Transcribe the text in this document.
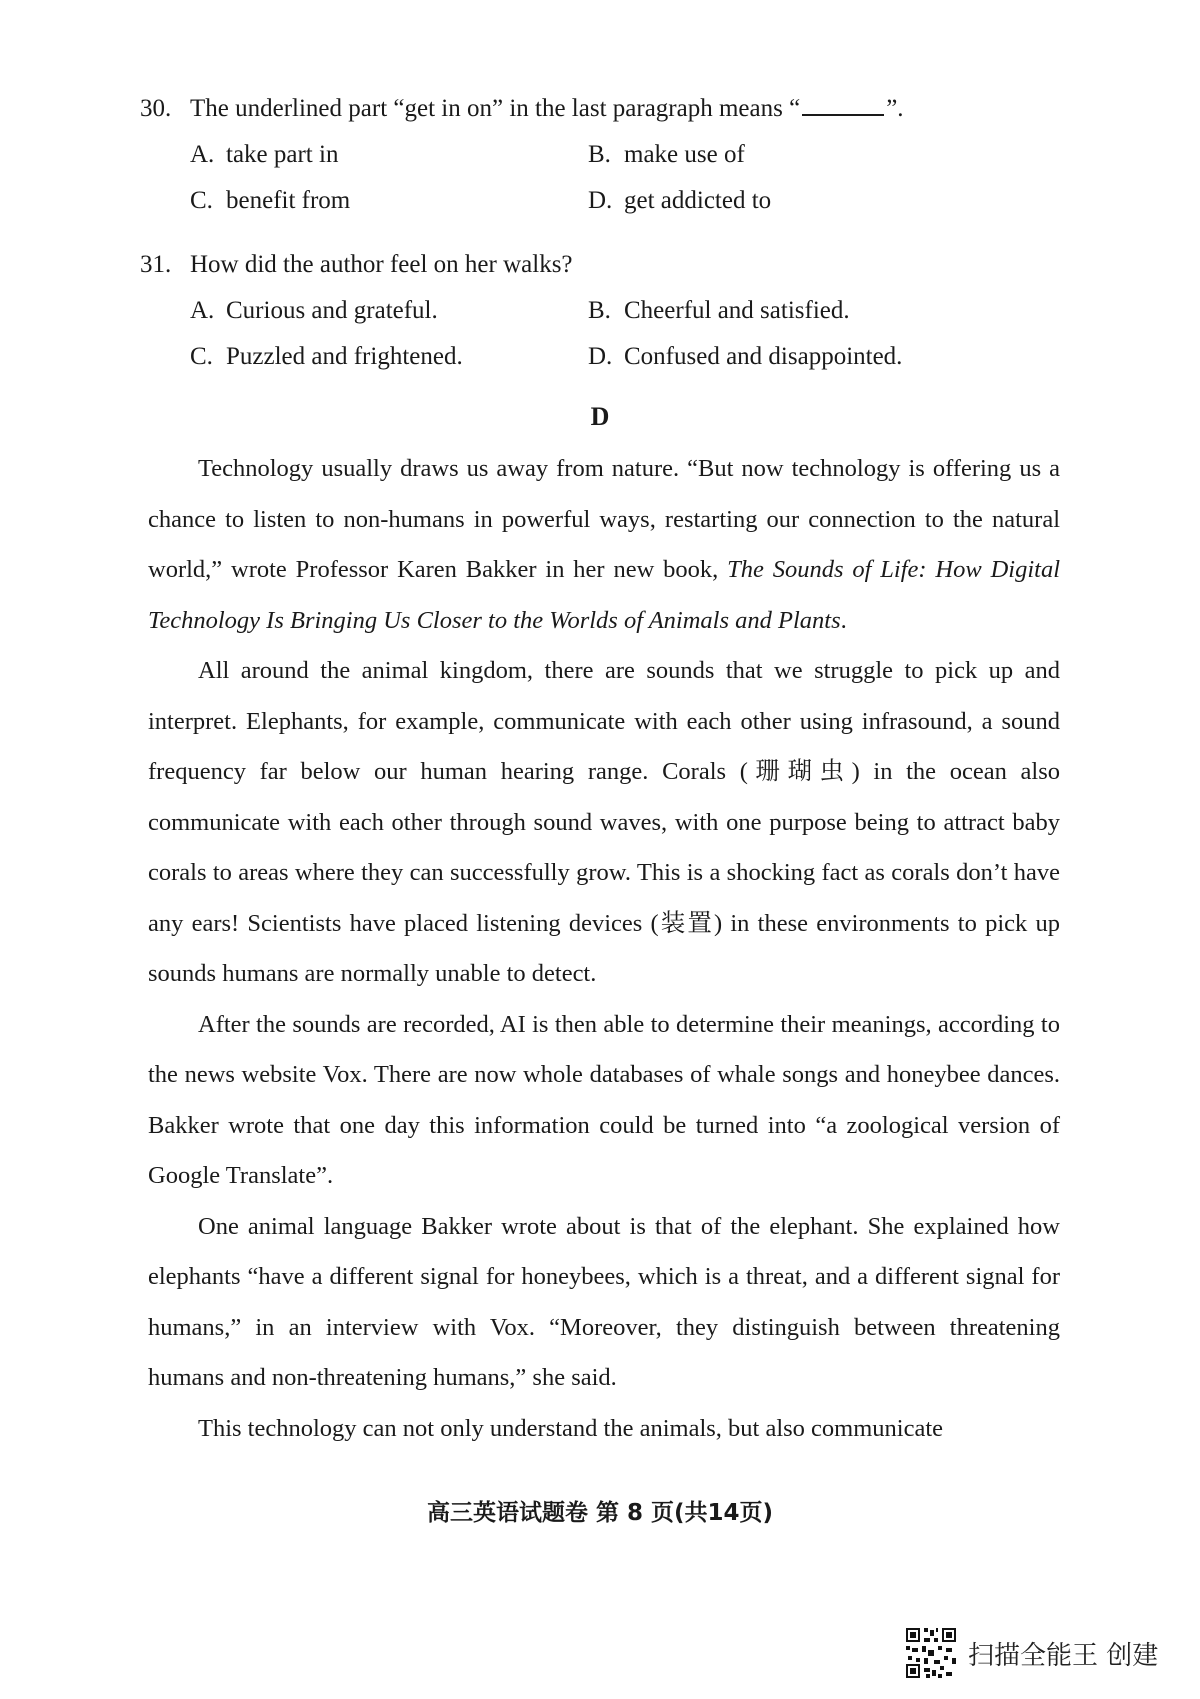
30. The underlined part “get in on” in the last paragraph means “	”.
A. take part in	B. make use of
C. benefit from	D. get addicted to
31. How did the author feel on her walks?
A. Curious and grateful.	B. Cheerful and satisfied.
C. Puzzled and frightened.	D. Confused and disappointed.
D

Technology usually draws us away from nature. “But now technology is offering us a chance to listen to non-humans in powerful ways, restarting our connection to the natural world,” wrote Professor Karen Bakker in her new book, The Sounds of Life: How Digital Technology Is Bringing Us Closer to the Worlds of Animals and Plants.

All around the animal kingdom, there are sounds that we struggle to pick up and interpret. Elephants, for example, communicate with each other using infrasound, a sound frequency far below our human hearing range. Corals (珊瑚虫) in the ocean also communicate with each other through sound waves, with one purpose being to attract baby corals to areas where they can successfully grow. This is a shocking fact as corals don’t have any ears! Scientists have placed listening devices (装置) in these environments to pick up sounds humans are normally unable to detect.

After the sounds are recorded, AI is then able to determine their meanings, according to the news website Vox. There are now whole databases of whale songs and honeybee dances. Bakker wrote that one day this information could be turned into “a zoological version of Google Translate”.

One animal language Bakker wrote about is that of the elephant. She explained how elephants “have a different signal for honeybees, which is a threat, and a different signal for humans,” in an interview with Vox. “Moreover, they distinguish between threatening humans and non-threatening humans,” she said.

This technology can not only understand the animals, but also communicate

高三英语试题卷 第 8 页(共14页)
扫描全能王 创建
